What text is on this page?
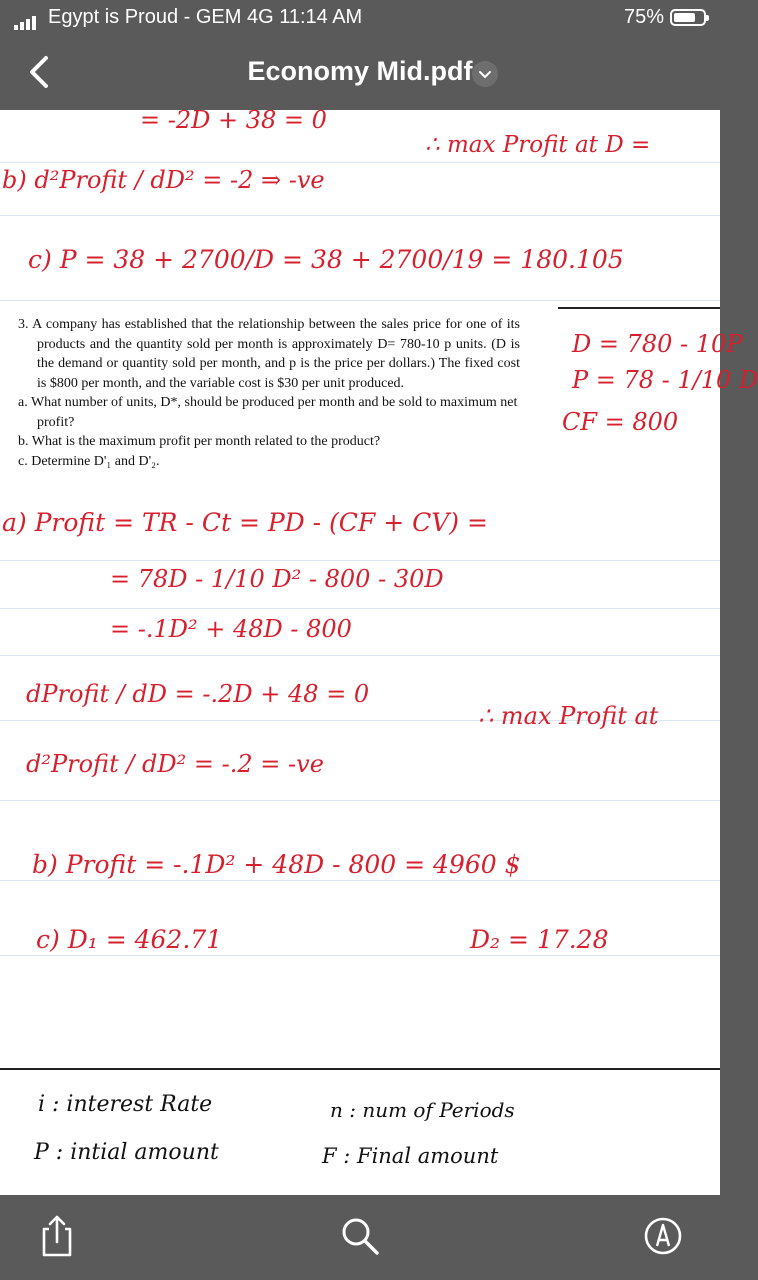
Egypt is Proud - GEM 4G 11:14 AM	75%
Economy Mid.pdf
= -2D + 38 = 0
∴ max Profit at D =
b) d²Profit / dD² = -2 ⇒ -ve
c) P = 38 + 2700/D = 38 + 2700/19 = 180.105
D = 780 - 10P
P = 78 - 1/10 D
CF = 800

3. A company has established that the relationship between the sales price for one of its products and the quantity sold per month is approximately D= 780-10 p units. (D is the demand or quantity sold per month, and p is the price per dollars.) The fixed cost is $800 per month, and the variable cost is $30 per unit produced.

a. What number of units, D*, should be produced per month and be sold to maximum net profit?

b. What is the maximum profit per month related to the product?

c. Determine D'₁ and D'₂.

a) Profit = TR - Ct = PD - (CF + CV) =
= 78D - 1/10 D² - 800 - 30D
= -.1D² + 48D - 800
dProfit / dD = -.2D + 48 = 0
∴ max Profit at
d²Profit / dD² = -.2 = -ve
b) Profit = -.1D² + 48D - 800 = 4960 $
c) D₁ = 462.71	D₂ = 17.28
i : interest Rate	n : num of Periods
P : intial amount	F : Final amount
